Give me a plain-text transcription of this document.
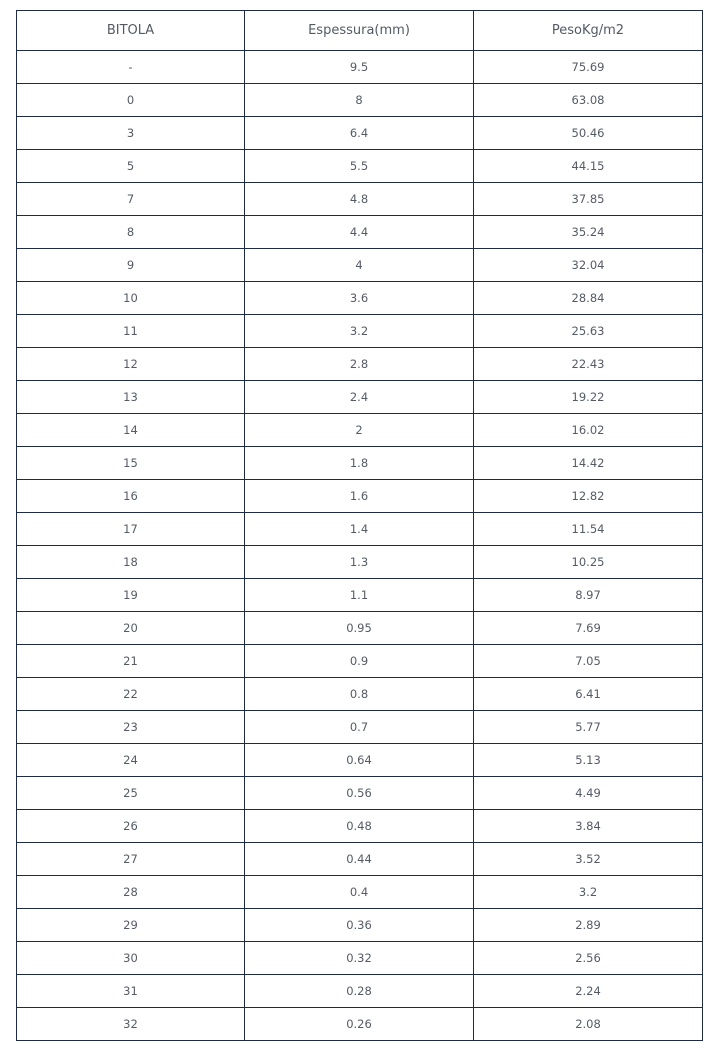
BITOLA	Espessura(mm)	PesoKg/m2
-	9.5	75.69
0	8	63.08
3	6.4	50.46
5	5.5	44.15
7	4.8	37.85
8	4.4	35.24
9	4	32.04
10	3.6	28.84
11	3.2	25.63
12	2.8	22.43
13	2.4	19.22
14	2	16.02
15	1.8	14.42
16	1.6	12.82
17	1.4	11.54
18	1.3	10.25
19	1.1	8.97
20	0.95	7.69
21	0.9	7.05
22	0.8	6.41
23	0.7	5.77
24	0.64	5.13
25	0.56	4.49
26	0.48	3.84
27	0.44	3.52
28	0.4	3.2
29	0.36	2.89
30	0.32	2.56
31	0.28	2.24
32	0.26	2.08
